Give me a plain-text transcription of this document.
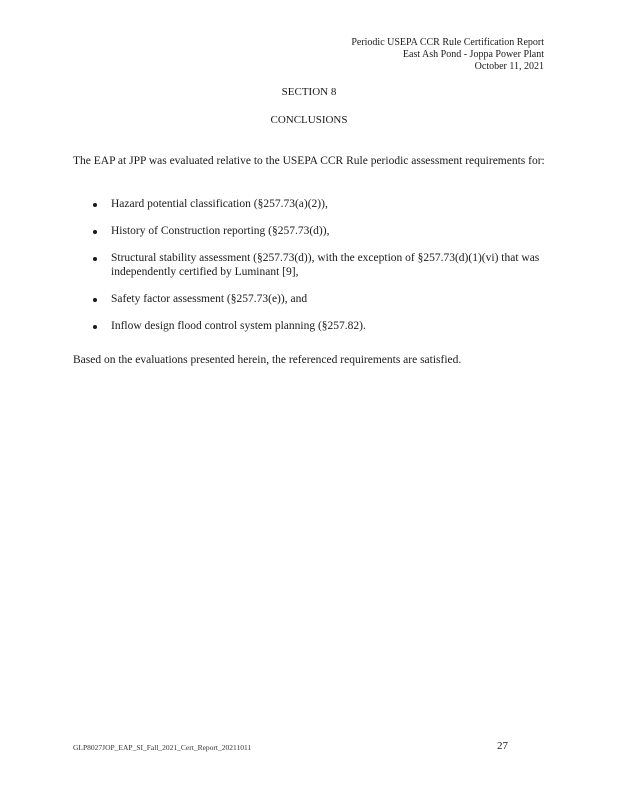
Periodic USEPA CCR Rule Certification Report
East Ash Pond - Joppa Power Plant
October 11, 2021
SECTION 8
CONCLUSIONS
The EAP at JPP was evaluated relative to the USEPA CCR Rule periodic assessment requirements for:
Hazard potential classification (§257.73(a)(2)),
History of Construction reporting (§257.73(d)),
Structural stability assessment (§257.73(d)), with the exception of §257.73(d)(1)(vi) that was independently certified by Luminant [9],
Safety factor assessment (§257.73(e)), and
Inflow design flood control system planning (§257.82).
Based on the evaluations presented herein, the referenced requirements are satisfied.
GLP8027JOP_EAP_SI_Fall_2021_Cert_Report_20211011	27
